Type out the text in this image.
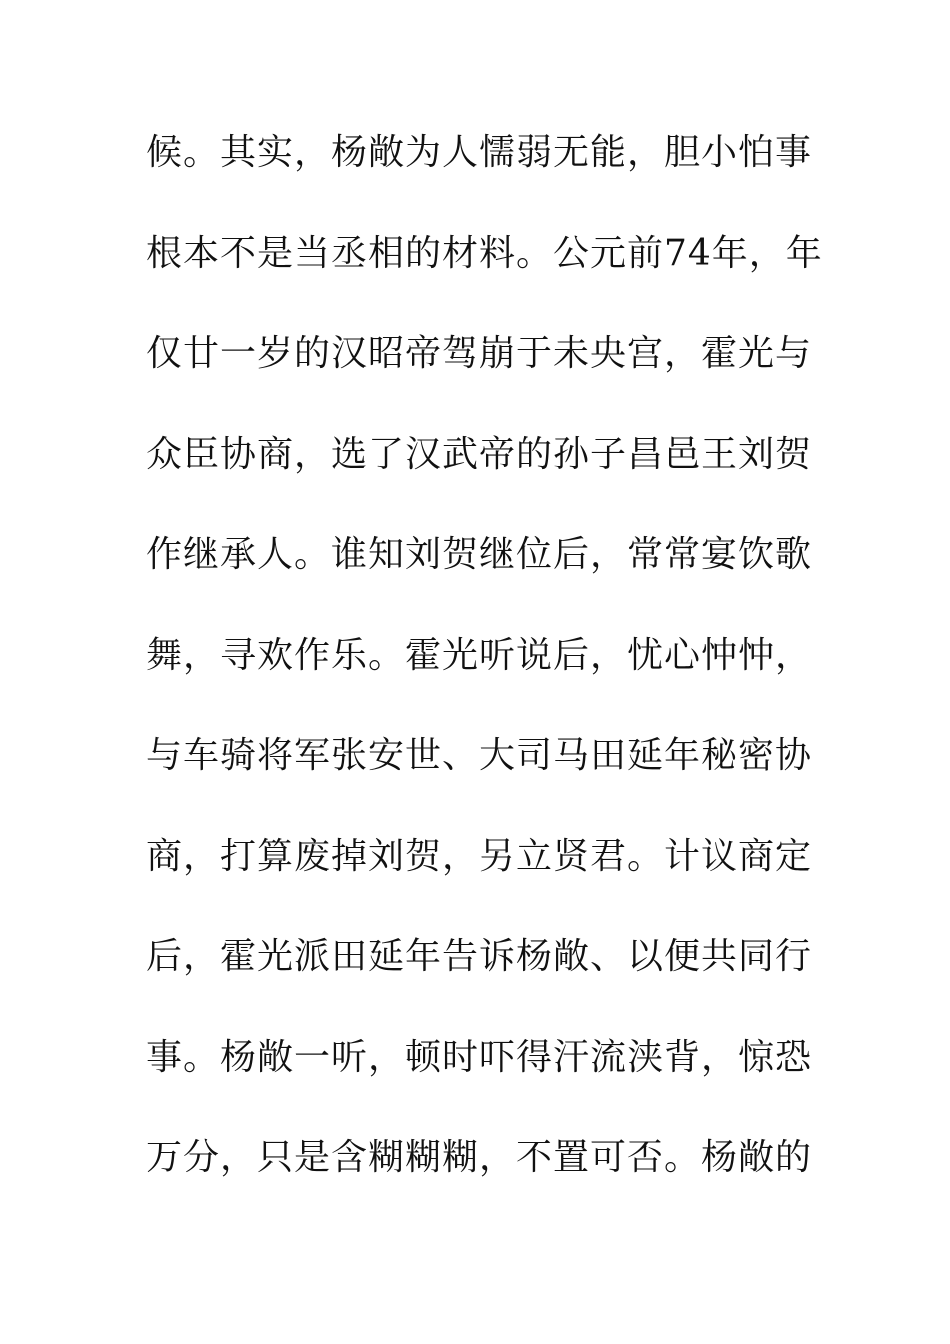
候。其实，杨敞为人懦弱无能，胆小怕事
根本不是当丞相的材料。公元前74年，年
仅廿一岁的汉昭帝驾崩于未央宫，霍光与
众臣协商，选了汉武帝的孙子昌邑王刘贺
作继承人。谁知刘贺继位后，常常宴饮歌
舞，寻欢作乐。霍光听说后，忧心忡忡，
与车骑将军张安世、大司马田延年秘密协
商，打算废掉刘贺，另立贤君。计议商定
后，霍光派田延年告诉杨敞、以便共同行
事。杨敞一听，顿时吓得汗流浃背，惊恐
万分，只是含糊糊糊，不置可否。杨敞的
